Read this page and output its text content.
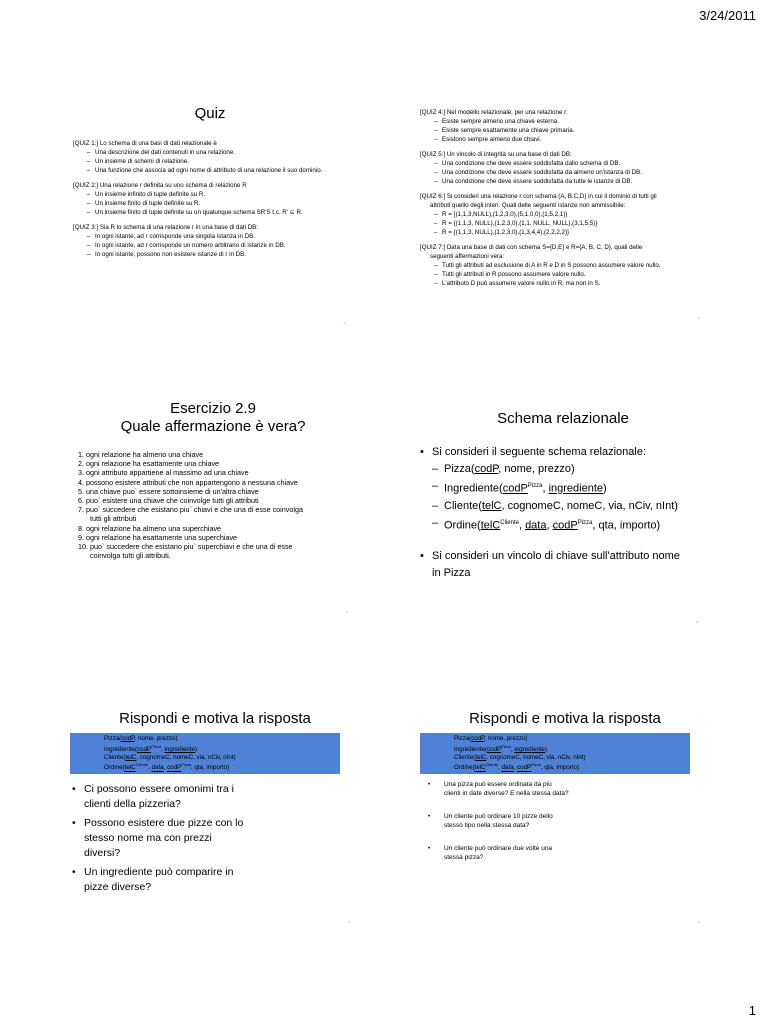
3/24/2011
Quiz
[QUIZ 1:] Lo schema di una basi di dati relazionale è
– Una descrizione dei dati contenuti in una relazione.
– Un insieme di schemi di relazione.
– Una funzione che associa ad ogni nome di attributo di una relazione il suo dominio.
[QUIZ 2:] Una relazione r definita su uno schema di relazione R
– Un insieme infinito di tuple definite su R.
– Un insieme finito di tuple definite su R.
– Un insieme finito di tuple definite su un qualunque schema SR'S t.c. R' ⊆ R.
[QUIZ 3:] Sia R lo schema di una relazione r in una base di dati DB:
– In ogni istante, ad r corrisponde una singola istanza in DB.
– In ogni istante, ad r corrisponde un numero arbitrario di istanze in DB.
– In ogni istante, possono non esistere istanze di r in DB.
1
[QUIZ 4:] Nel modello relazionale, per una relazione r:
– Esiste sempre almeno una chiave esterna.
– Esiste sempre esattamente una chiave primaria.
– Esistono sempre almeno due chiavi.
[QUIZ 5:] Un vincolo di integrità su una base di dati DB:
– Una condizione che deve essere soddisfatta dallo schema di DB.
– Una condizione che deve essere soddisfatta da almeno un'istanza di DB.
– Una condizione che deve essere soddisfatta da tutte le istanze di DB.
[QUIZ 6:] Si consideri una relazione r con schema (A, B,C,D) in cui il dominio di tutti gli
attributi quello degli interi. Quali delle seguenti istanze non ammissibile:
– R = {(1,1,3,NULL),(1,2,3,0),(5,1,0,0),(1,5,2,1)}
– R = {(1,1,3, NULL),(1,2,3,0),(1,1, NULL, NULL),(3,1,5,5)}
– R = {(1,1,3, NULL),(1,2,3,0),(1,3,4,4),(2,2,2,2)}
[QUIZ 7:] Data una base di dati con schema S={D,E} e R={A, B, C, D}, quali delle
seguenti affermazioni vera:
– Tutti gli attributi ad esclusione di A in R e D in S possono assumere valore nullo.
– Tutti gli attributi in R possono assumere valore nullo.
– L'attributo D può assumere valore nullo in R, ma non in S.
2
Esercizio 2.9
Quale affermazione è vera?
1. ogni relazione ha almeno una chiave
2. ogni relazione ha esattamente una chiave
3. ogni attributo appartiene al massimo ad una chiave
4. possono esistere attributi che non appartengono a nessuna chiave
5. una chiave puo` essere sottoinsieme di un'altra chiave
6. puo` esistere una chiave che coinvolge tutti gli attributi
7. puo` succedere che esistano piu` chiavi e che una di esse coinvolga
tutti gli attributi
8. ogni relazione ha almeno una superchiave
9. ogni relazione ha esattamente una superchiave
10. puo` succedere che esistano piu` superchiavi e che una di esse
coinvolga tutti gli attributi.
3
Schema relazionale
• Si consideri il seguente schema relazionale:
– Pizza(codP, nome, prezzo)
– Ingrediente(codP$^{Pizza}$, ingrediente)
– Cliente(telC, cognomeC, nomeC, via, nCiv, nInt)
– Ordine(telC$^{Cliente}$, data, codP$^{Pizza}$, qta, importo)
• Si consideri un vincolo di chiave sull'attributo nome in Pizza
4
Rispondi e motiva la risposta
Pizza(codP, nome, prezzo)
Ingrediente(codP$^{Pizza}$, ingrediente)
Cliente(telC, cognomeC, nomeC, via, nCiv, nInt)
Ordine(telC$^{Cliente}$, data, codP$^{Pizza}$, qta, importo)
• Ci possono essere omonimi tra i clienti della pizzeria?
• Possono esistere due pizze con lo stesso nome ma con prezzi diversi?
• Un ingrediente può comparire in pizze diverse?
5
Rispondi e motiva la risposta
Pizza(codP, nome, prezzo)
Ingrediente(codP$^{Pizza}$, ingrediente)
Cliente(telC, cognomeC, nomeC, via, nCiv, nInt)
Ordine(telC$^{Cliente}$, data, codP$^{Pizza}$, qta, importo)
• Una pizza può essere ordinata da più clienti in date diverse? E nella stessa data?
• Un cliente può ordinare 10 pizze dello stesso tipo nella stessa data?
• Un cliente può ordinare due volte una stessa pizza?
6
1
